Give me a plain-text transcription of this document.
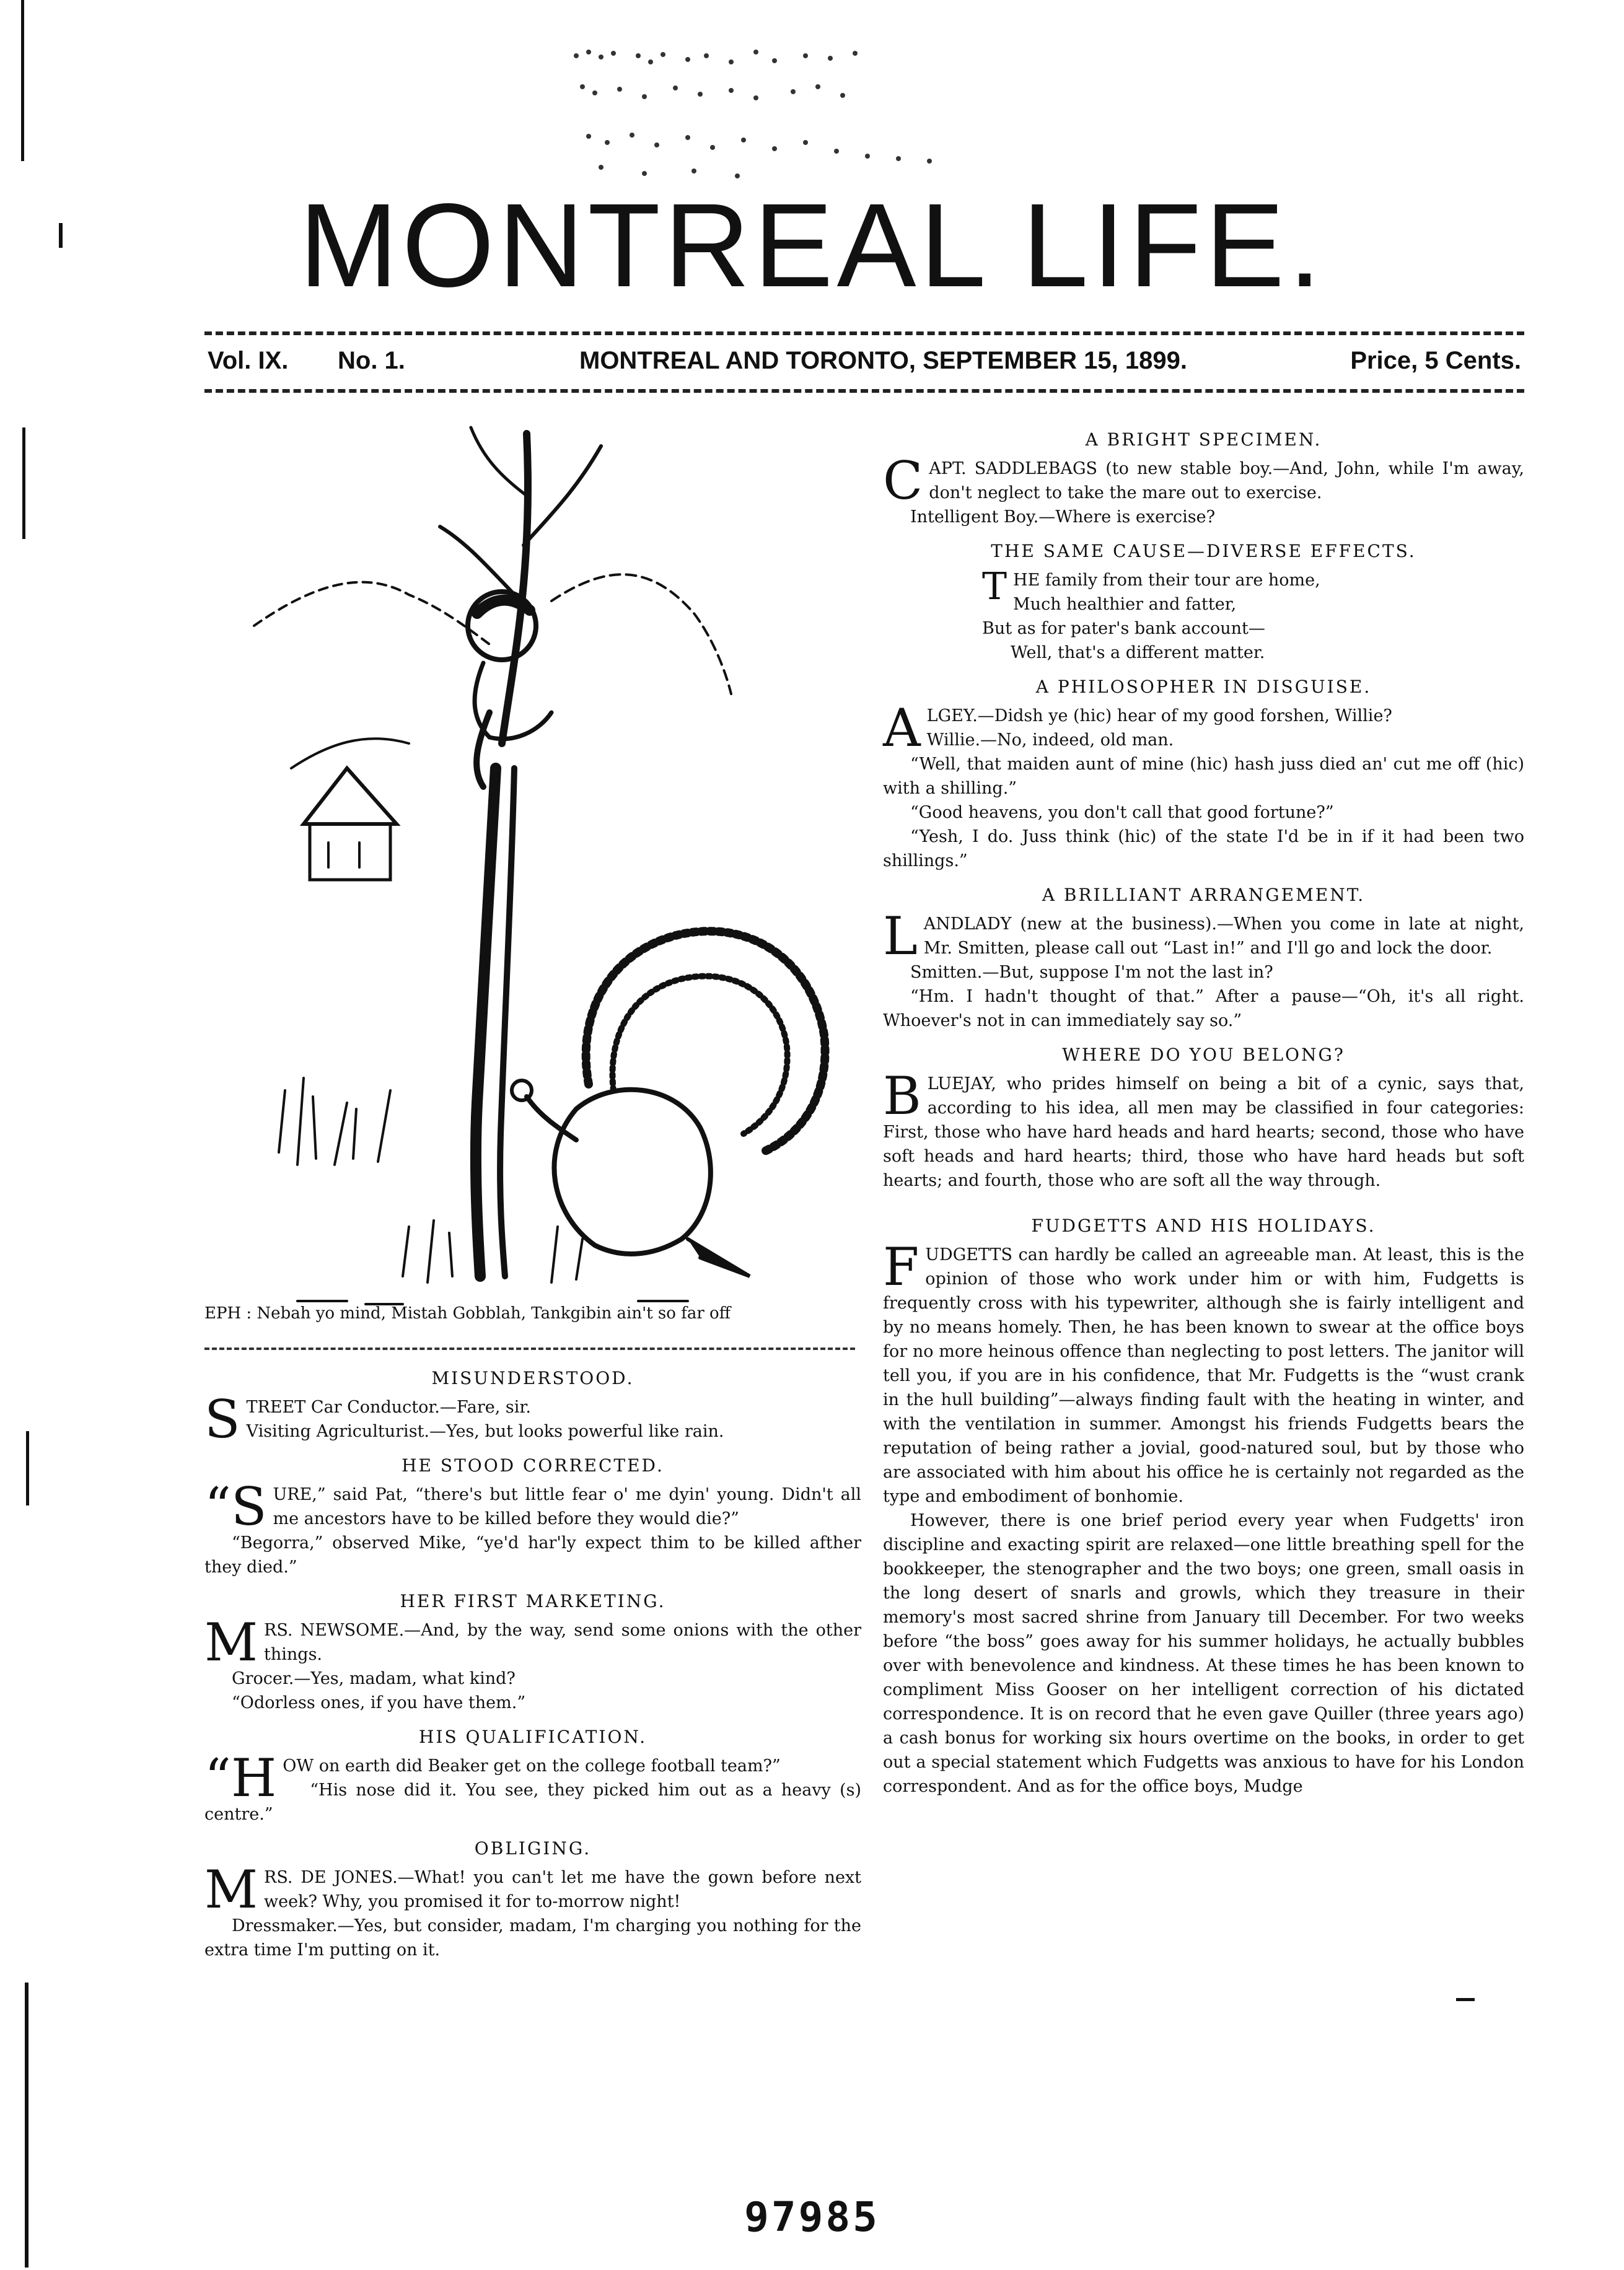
MONTREAL LIFE.
Vol. IX. No. 1.	MONTREAL AND TORONTO, SEPTEMBER 15, 1899.	Price, 5 Cents.
EPH : Nebah yo mind, Mistah Gobblah, Tankgibin ain't so far off
MISUNDERSTOOD.
S TREET Car Conductor.—Fare, sir.
Visiting Agriculturist.—Yes, but looks powerful like rain.
HE STOOD CORRECTED.
“S URE,” said Pat, “there's but little fear o' me dyin' young. Didn't all me ancestors have to be killed before they would die?”
“Begorra,” observed Mike, “ye'd har'ly expect thim to be killed afther they died.”
HER FIRST MARKETING.
M RS. NEWSOME.—And, by the way, send some onions with the other things.
Grocer.—Yes, madam, what kind?
“Odorless ones, if you have them.”
HIS QUALIFICATION.
“H OW on earth did Beaker get on the college football team?”
“His nose did it. You see, they picked him out as a heavy (s) centre.”
OBLIGING.
M RS. DE JONES.—What! you can't let me have the gown before next week? Why, you promised it for to-morrow night!
Dressmaker.—Yes, but consider, madam, I'm charging you nothing for the extra time I'm putting on it.
A BRIGHT SPECIMEN.
C APT. SADDLEBAGS (to new stable boy.—And, John, while I'm away, don't neglect to take the mare out to exercise.
Intelligent Boy.—Where is exercise?
THE SAME CAUSE—DIVERSE EFFECTS.
THE family from their tour are home,
Much healthier and fatter,
But as for pater's bank account—
Well, that's a different matter.
A PHILOSOPHER IN DISGUISE.
A LGEY.—Didsh ye (hic) hear of my good forshen, Willie?
Willie.—No, indeed, old man.
“Well, that maiden aunt of mine (hic) hash juss died an' cut me off (hic) with a shilling.”
“Good heavens, you don't call that good fortune?”
“Yesh, I do. Juss think (hic) of the state I'd be in if it had been two shillings.”
A BRILLIANT ARRANGEMENT.
L ANDLADY (new at the business).—When you come in late at night, Mr. Smitten, please call out “Last in!” and I'll go and lock the door.
Smitten.—But, suppose I'm not the last in?
“Hm. I hadn't thought of that.” After a pause—“Oh, it's all right. Whoever's not in can immediately say so.”
WHERE DO YOU BELONG?
B LUEJAY, who prides himself on being a bit of a cynic, says that, according to his idea, all men may be classified in four categories: First, those who have hard heads and hard hearts; second, those who have soft heads and hard hearts; third, those who have hard heads but soft hearts; and fourth, those who are soft all the way through.
FUDGETTS AND HIS HOLIDAYS.
F UDGETTS can hardly be called an agreeable man. At least, this is the opinion of those who work under him or with him, Fudgetts is frequently cross with his typewriter, although she is fairly intelligent and by no means homely. Then, he has been known to swear at the office boys for no more heinous offence than neglecting to post letters. The janitor will tell you, if you are in his confidence, that Mr. Fudgetts is the “wust crank in the hull building”—always finding fault with the heating in winter, and with the ventilation in summer. Amongst his friends Fudgetts bears the reputation of being rather a jovial, good-natured soul, but by those who are associated with him about his office he is certainly not regarded as the type and embodiment of bonhomie.
However, there is one brief period every year when Fudgetts' iron discipline and exacting spirit are relaxed—one little breathing spell for the bookkeeper, the stenographer and the two boys; one green, small oasis in the long desert of snarls and growls, which they treasure in their memory's most sacred shrine from January till December. For two weeks before “the boss” goes away for his summer holidays, he actually bubbles over with benevolence and kindness. At these times he has been known to compliment Miss Gooser on her intelligent correction of his dictated correspondence. It is on record that he even gave Quiller (three years ago) a cash bonus for working six hours overtime on the books, in order to get out a special statement which Fudgetts was anxious to have for his London correspondent. And as for the office boys, Mudge
97985
